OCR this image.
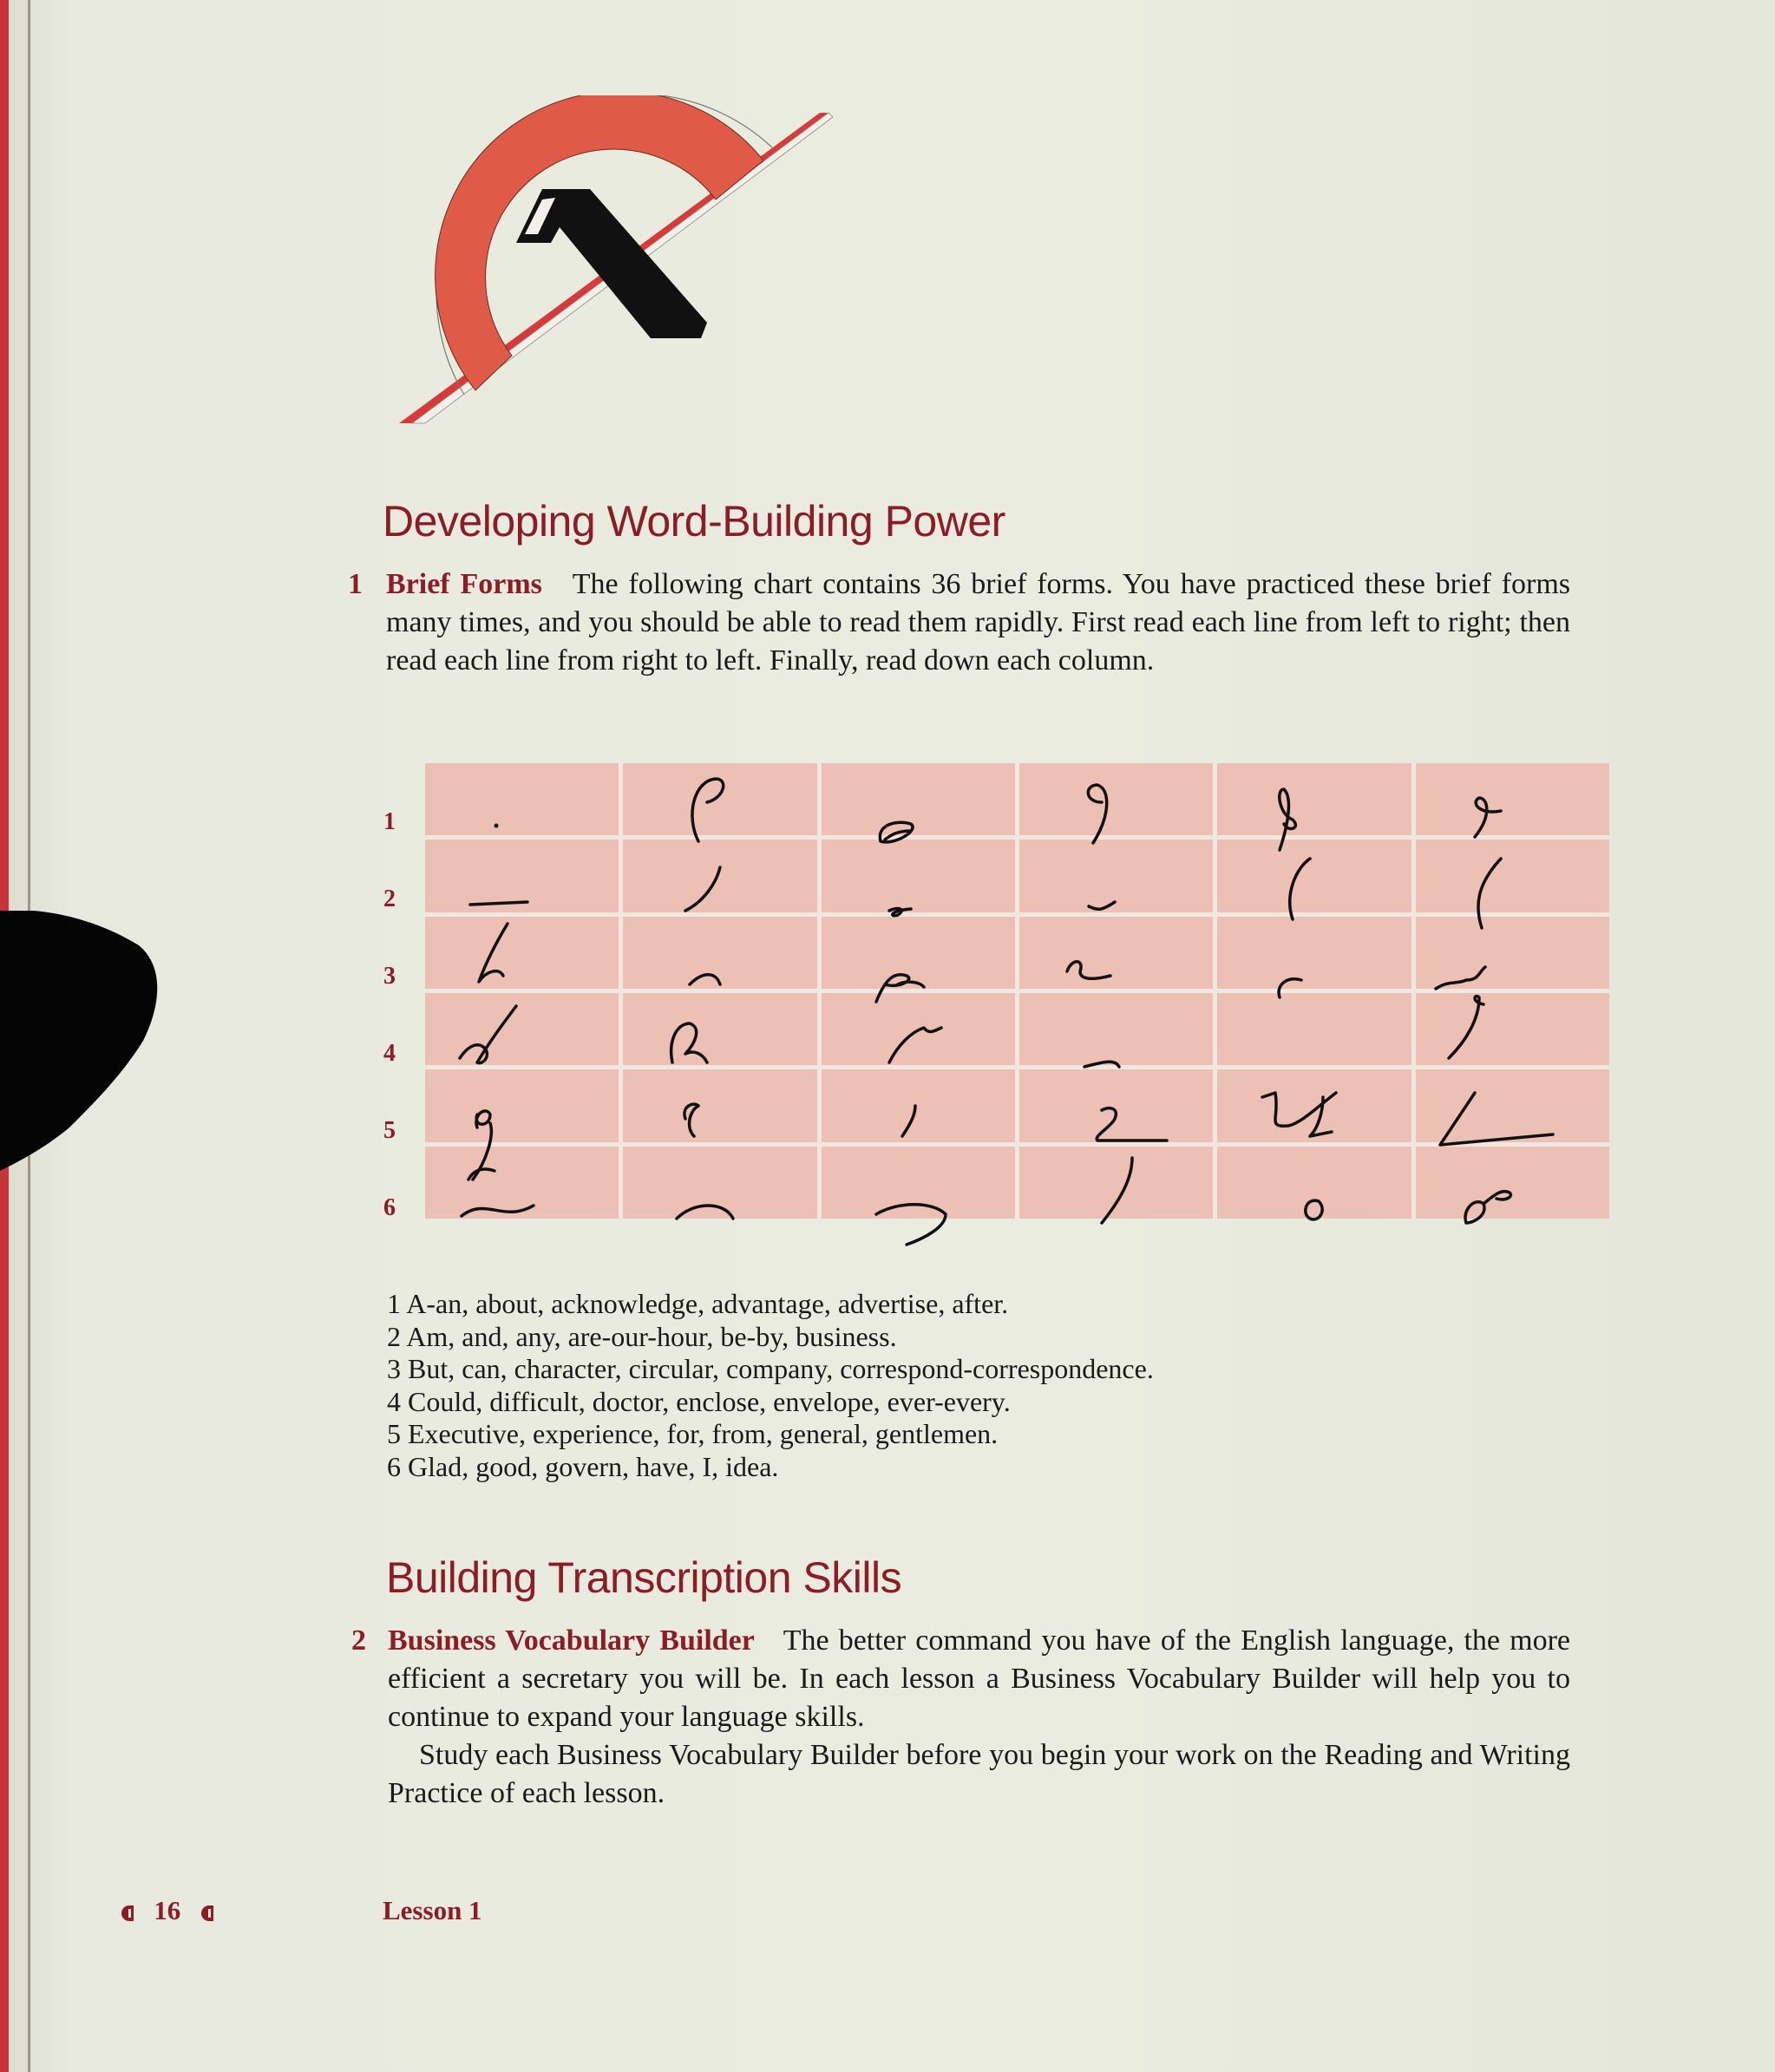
Developing Word-Building Power
1 Brief Forms The following chart contains 36 brief forms. You have practiced these brief forms many times, and you should be able to read them rapidly. First read each line from left to right; then read each line from right to left. Finally, read down each column.
1
2
3
4
5
6
1 A-an, about, acknowledge, advantage, advertise, after.
2 Am, and, any, are-our-hour, be-by, business.
3 But, can, character, circular, company, correspond-correspondence.
4 Could, difficult, doctor, enclose, envelope, ever-every.
5 Executive, experience, for, from, general, gentlemen.
6 Glad, good, govern, have, I, idea.
Building Transcription Skills
2 Business Vocabulary Builder The better command you have of the English language, the more efficient a secretary you will be. In each lesson a Business Vocabulary Builder will help you to continue to expand your language skills.
Study each Business Vocabulary Builder before you begin your work on the Reading and Writing Practice of each lesson.
16	Lesson 1
